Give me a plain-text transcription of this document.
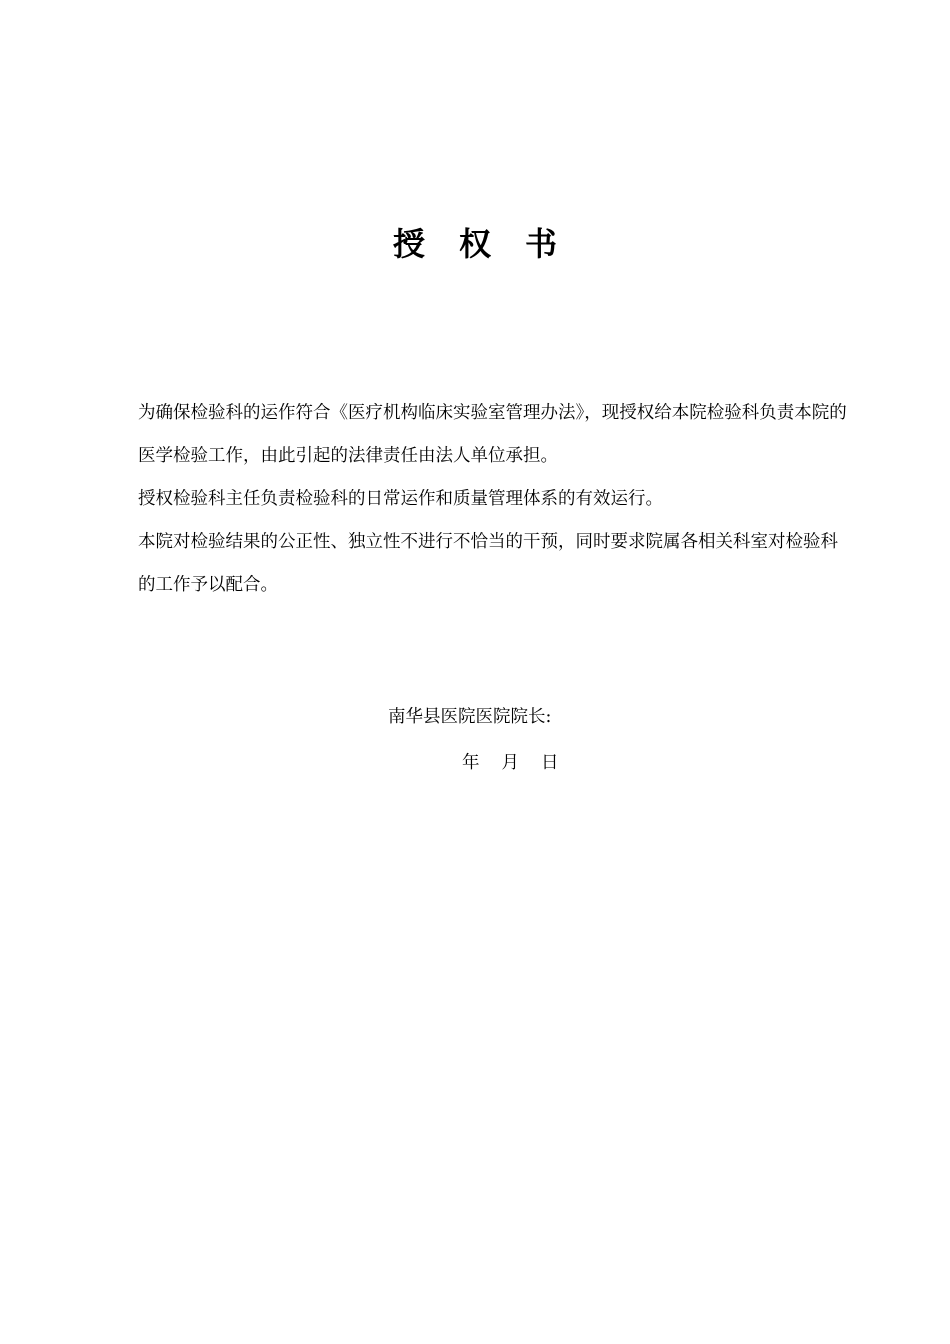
授 权 书

为确保检验科的运作符合《医疗机构临床实验室管理办法》，现授权给本院检验科负责本院的医学检验工作，由此引起的法律责任由法人单位承担。

授权检验科主任负责检验科的日常运作和质量管理体系的有效运行。

本院对检验结果的公正性、独立性不进行不恰当的干预，同时要求院属各相关科室对检验科的工作予以配合。

南华县医院医院院长:
年 月 日
